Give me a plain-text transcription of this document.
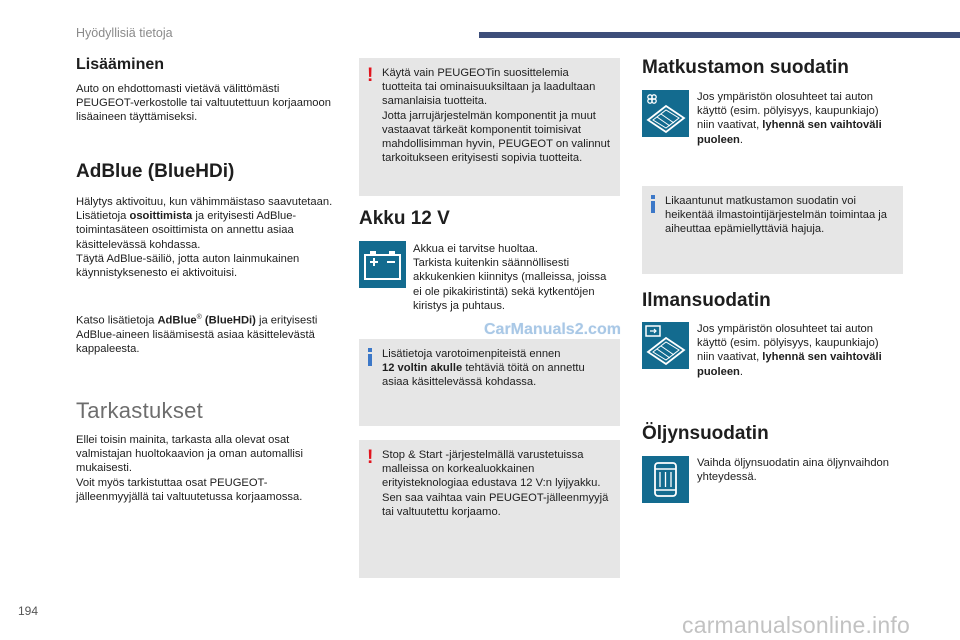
Hyödyllisiä tietoja
Lisääminen

Auto on ehdottomasti vietävä välittömästi PEUGEOT-verkostolle tai valtuutettuun korjaamoon lisäaineen täyttämiseksi.

AdBlue (BlueHDi)

Hälytys aktivoituu, kun vähimmäistaso saavutetaan.
Lisätietoja osoittimista ja erityisesti AdBlue-toimintasäteen osoittimista on annettu asiaa käsittelevässä kohdassa.
Täytä AdBlue-säiliö, jotta auton lainmukainen käynnistyksenesto ei aktivoituisi.

Katso lisätietoja AdBlue® (BlueHDi) ja erityisesti AdBlue-aineen lisäämisestä asiaa käsittelevästä kappaleesta.

Tarkastukset

Ellei toisin mainita, tarkasta alla olevat osat valmistajan huoltokaavion ja oman automallisi mukaisesti.
Voit myös tarkistuttaa osat PEUGEOT-jälleenmyyjällä tai valtuutetussa korjaamossa.

! Käytä vain PEUGEOTin suosittelemia tuotteita tai ominaisuuksiltaan ja laadultaan samanlaisia tuotteita.
Jotta jarrujärjestelmän komponentit ja muut vastaavat tärkeät komponentit toimisivat mahdollisimman hyvin, PEUGEOT on valinnut tarkoitukseen erityisesti sopivia tuotteita.

Akku 12 V

Akkua ei tarvitse huoltaa.
Tarkista kuitenkin säännöllisesti akkukenkien kiinnitys (malleissa, joissa ei ole pikakiristintä) sekä kytkentöjen kiristys ja puhtaus.

CarManuals2.com

Lisätietoja varotoimenpiteistä ennen
12 voltin akulle tehtäviä töitä on annettu asiaa käsittelevässä kohdassa.

! Stop & Start -järjestelmällä varustetuissa malleissa on korkealuokkainen erityisteknologiaa edustava 12 V:n lyijyakku.
Sen saa vaihtaa vain PEUGEOT-jälleenmyyjä tai valtuutettu korjaamo.

Matkustamon suodatin

Jos ympäristön olosuhteet tai auton käyttö (esim. pölyisyys, kaupunkiajo) niin vaativat, lyhennä sen vaihtoväli puoleen.

Likaantunut matkustamon suodatin voi heikentää ilmastointijärjestelmän toimintaa ja aiheuttaa epämiellyttäviä hajuja.

Ilmansuodatin

Jos ympäristön olosuhteet tai auton käyttö (esim. pölyisyys, kaupunkiajo) niin vaativat, lyhennä sen vaihtoväli puoleen.

Öljynsuodatin

Vaihda öljynsuodatin aina öljynvaihdon yhteydessä.

194
carmanualsonline.info
